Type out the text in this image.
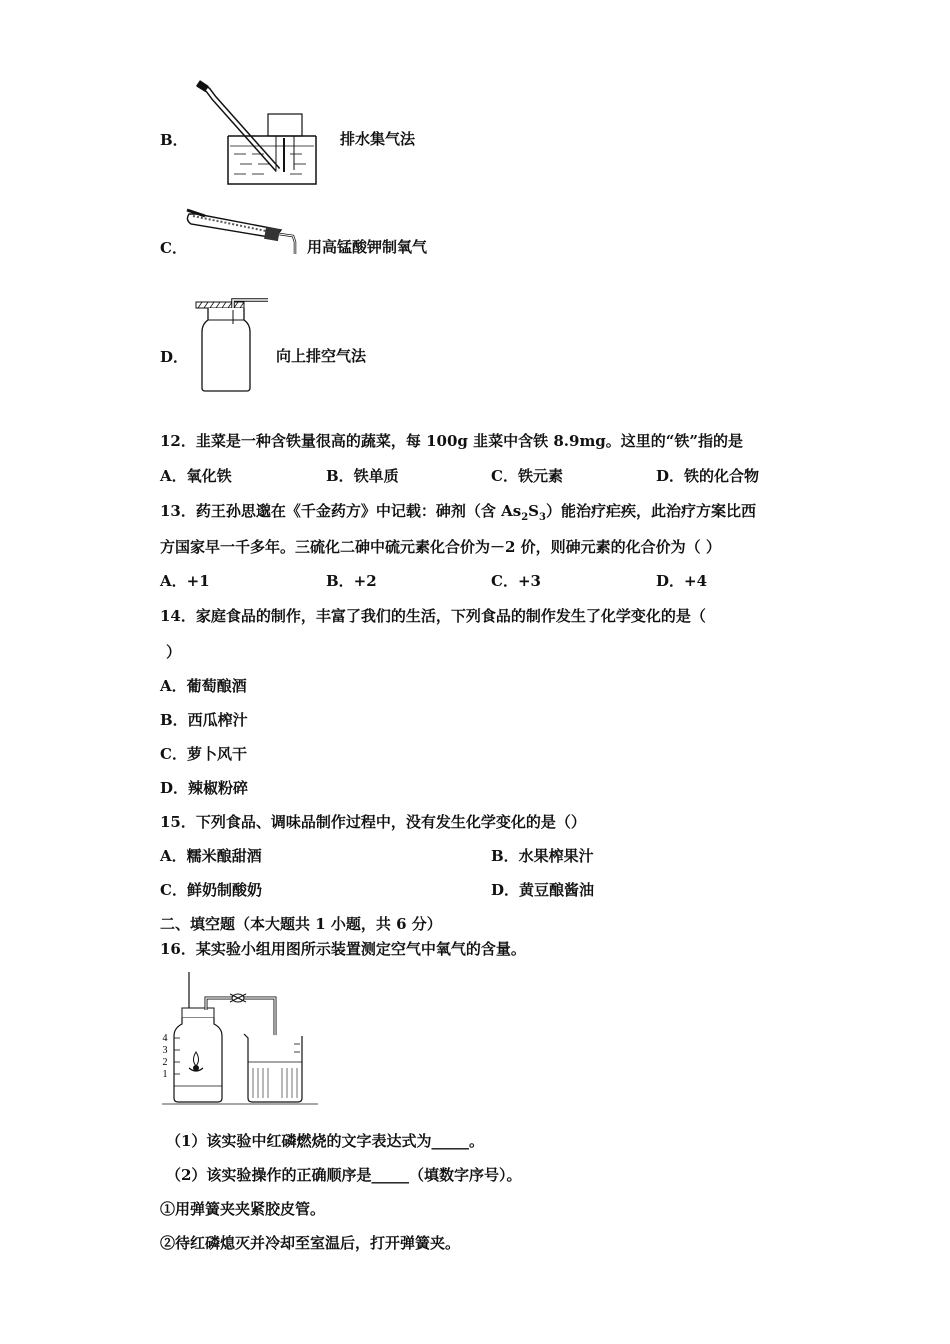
B．	排水集气法
C．	用高锰酸钾制氧气
D．	向上排空气法
12．韭菜是一种含铁量很高的蔬菜，每 100g 韭菜中含铁 8.9mg。这里的“铁”指的是
A．氧化铁	B．铁单质	C．铁元素	D．铁的化合物
13．药王孙思邈在《千金药方》中记载：砷剂（含 $As_2S_3$）能治疗疟疾，此治疗方案比西
方国家早一千多年。三硫化二砷中硫元素化合价为－2 价，则砷元素的化合价为（ ）
A．+1	B．+2	C．+3	D．+4
14．家庭食品的制作，丰富了我们的生活，下列食品的制作发生了化学变化的是（
）
A．葡萄酿酒
B．西瓜榨汁
C．萝卜风干
D．辣椒粉碎
15．下列食品、调味品制作过程中，没有发生化学变化的是（）
A．糯米酿甜酒	B．水果榨果汁
C．鲜奶制酸奶	D．黄豆酿酱油
二、填空题（本大题共 1 小题，共 6 分）
16．某实验小组用图所示装置测定空气中氧气的含量。
4
3
2
1
（1）该实验中红磷燃烧的文字表达式为_____。
（2）该实验操作的正确顺序是_____（填数字序号）。
①用弹簧夹夹紧胶皮管。
②待红磷熄灭并冷却至室温后，打开弹簧夹。
